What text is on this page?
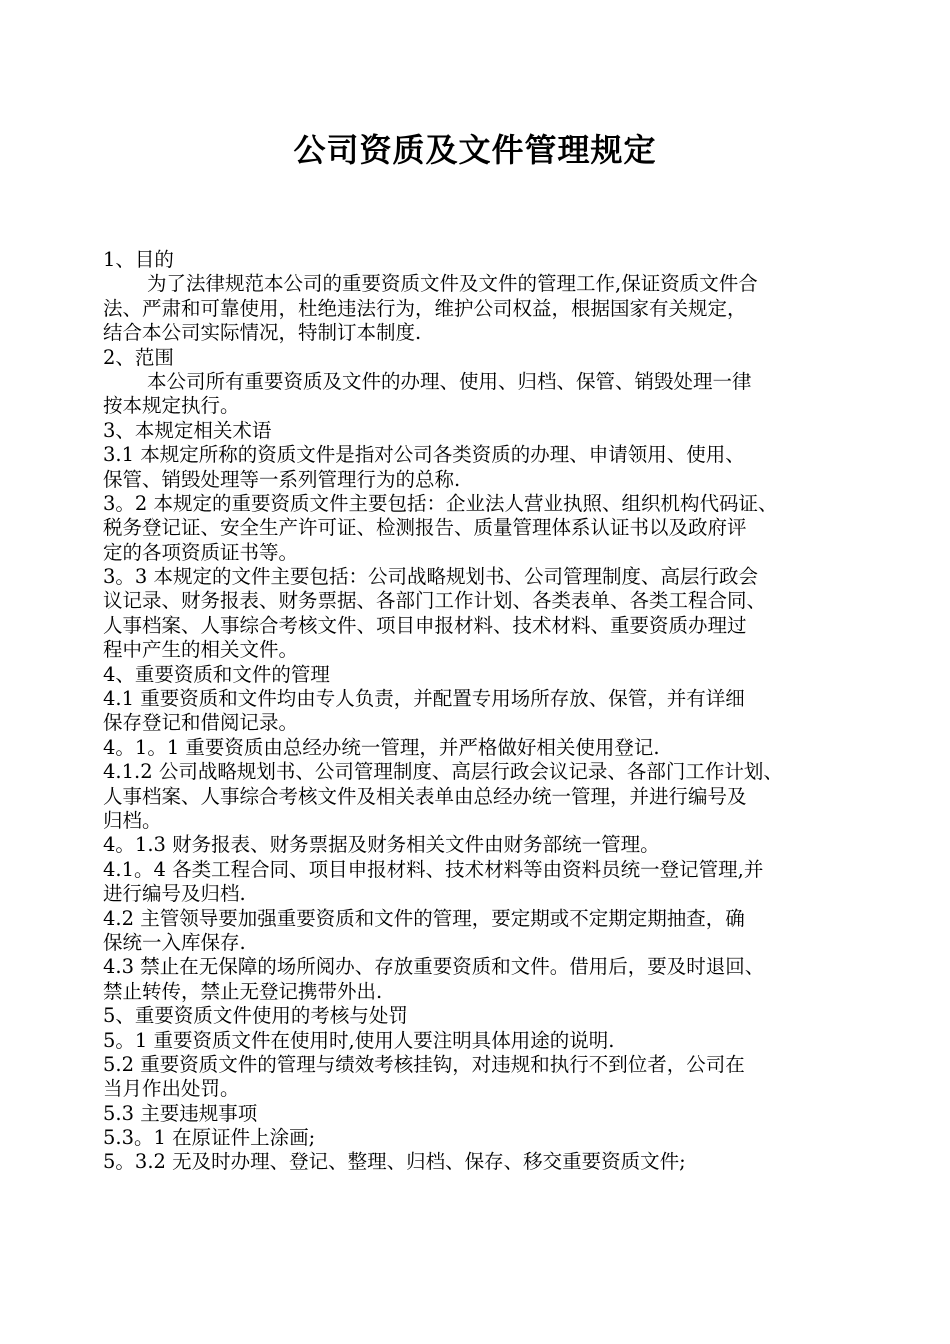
公司资质及文件管理规定
1、目的
为了法律规范本公司的重要资质文件及文件的管理工作,保证资质文件合
法、严肃和可靠使用，杜绝违法行为，维护公司权益，根据国家有关规定，
结合本公司实际情况，特制订本制度.
2、范围
本公司所有重要资质及文件的办理、使用、归档、保管、销毁处理一律
按本规定执行。
3、本规定相关术语
3.1 本规定所称的资质文件是指对公司各类资质的办理、申请领用、使用、
保管、销毁处理等一系列管理行为的总称.
3。2 本规定的重要资质文件主要包括：企业法人营业执照、组织机构代码证、
税务登记证、安全生产许可证、检测报告、质量管理体系认证书以及政府评
定的各项资质证书等。
3。3 本规定的文件主要包括：公司战略规划书、公司管理制度、高层行政会
议记录、财务报表、财务票据、各部门工作计划、各类表单、各类工程合同、
人事档案、人事综合考核文件、项目申报材料、技术材料、重要资质办理过
程中产生的相关文件。
4、重要资质和文件的管理
4.1 重要资质和文件均由专人负责，并配置专用场所存放、保管，并有详细
保存登记和借阅记录。
4。1。1 重要资质由总经办统一管理，并严格做好相关使用登记.
4.1.2 公司战略规划书、公司管理制度、高层行政会议记录、各部门工作计划、
人事档案、人事综合考核文件及相关表单由总经办统一管理，并进行编号及
归档。
4。1.3 财务报表、财务票据及财务相关文件由财务部统一管理。
4.1。4 各类工程合同、项目申报材料、技术材料等由资料员统一登记管理,并
进行编号及归档.
4.2 主管领导要加强重要资质和文件的管理，要定期或不定期定期抽查，确
保统一入库保存.
4.3 禁止在无保障的场所阅办、存放重要资质和文件。借用后，要及时退回、
禁止转传，禁止无登记携带外出.
5、重要资质文件使用的考核与处罚
5。1 重要资质文件在使用时,使用人要注明具体用途的说明.
5.2 重要资质文件的管理与绩效考核挂钩，对违规和执行不到位者，公司在
当月作出处罚。
5.3 主要违规事项
5.3。1 在原证件上涂画;
5。3.2 无及时办理、登记、整理、归档、保存、移交重要资质文件;
